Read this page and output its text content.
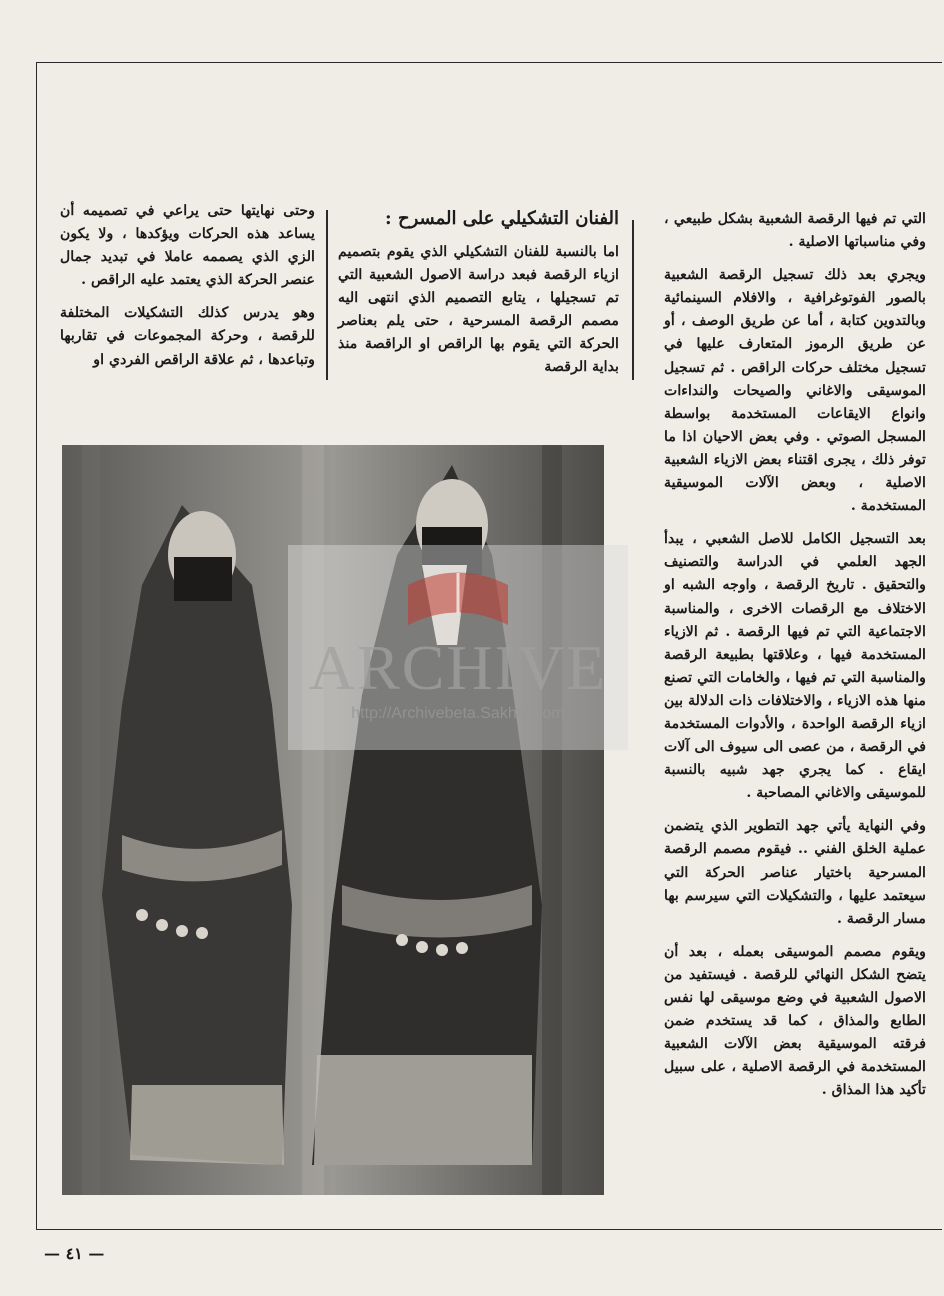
التي تم فيها الرقصة الشعبية بشكل طبيعي ، وفي مناسباتها الاصلية .

ويجري بعد ذلك تسجيل الرقصة الشعبية بالصور الفوتوغرافية ، والافلام السينمائية وبالتدوين كتابة ، أما عن طريق الوصف ، أو عن طريق الرموز المتعارف عليها في تسجيل مختلف حركات الراقص . ثم تسجيل الموسيقى والاغاني والصيحات والنداءات وانواع الايقاعات المستخدمة بواسطة المسجل الصوتي . وفي بعض الاحيان اذا ما توفر ذلك ، يجرى اقتناء بعض الازياء الشعبية الاصلية ، وبعض الآلات الموسيقية المستخدمة .

بعد التسجيل الكامل للاصل الشعبي ، يبدأ الجهد العلمي في الدراسة والتصنيف والتحقيق . تاريخ الرقصة ، واوجه الشبه او الاختلاف مع الرقصات الاخرى ، والمناسبة الاجتماعية التي تم فيها الرقصة . ثم الازياء المستخدمة فيها ، وعلاقتها بطبيعة الرقصة والمناسبة التي تم فيها ، والخامات التي تصنع منها هذه الازياء ، والاختلافات ذات الدلالة بين ازياء الرقصة الواحدة ، والأدوات المستخدمة في الرقصة ، من عصى الى سيوف الى آلات ايقاع . كما يجري جهد شبيه بالنسبة للموسيقى والاغاني المصاحبة .

وفي النهاية يأتي جهد التطوير الذي يتضمن عملية الخلق الفني .. فيقوم مصمم الرقصة المسرحية باختيار عناصر الحركة التي سيعتمد عليها ، والتشكيلات التي سيرسم بها مسار الرقصة .

ويقوم مصمم الموسيقى بعمله ، بعد أن يتضح الشكل النهائي للرقصة . فيستفيد من الاصول الشعبية في وضع موسيقى لها نفس الطابع والمذاق ، كما قد يستخدم ضمن فرقته الموسيقية بعض الآلات الشعبية المستخدمة في الرقصة الاصلية ، على سبيل تأكيد هذا المذاق .

الفنان التشكيلي على المسرح :

اما بالنسبة للفنان التشكيلي الذي يقوم بتصميم ازياء الرقصة فبعد دراسة الاصول الشعبية التي تم تسجيلها ، يتابع التصميم الذي انتهى اليه مصمم الرقصة المسرحية ، حتى يلم بعناصر الحركة التي يقوم بها الراقص او الراقصة منذ بداية الرقصة

وحتى نهايتها حتى يراعي في تصميمه أن يساعد هذه الحركات ويؤكدها ، ولا يكون الزي الذي يصممه عاملا في تبديد جمال عنصر الحركة الذي يعتمد عليه الراقص .

وهو يدرس كذلك التشكيلات المختلفة للرقصة ، وحركة المجموعات في تقاربها وتباعدها ، ثم علاقة الراقص الفردي او

ARCHIVE
http://Archivebeta.Sakhrit.com
— ٤١ —
